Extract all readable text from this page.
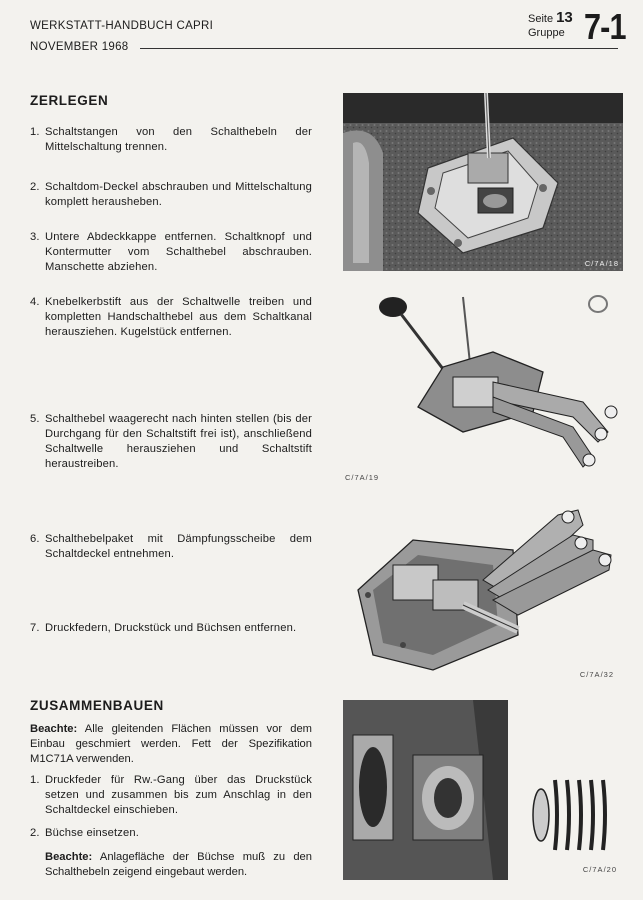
WERKSTATT-HANDBUCH CAPRI
NOVEMBER 1968
Seite 13
Gruppe 7-1
ZERLEGEN
1. Schaltstangen von den Schalthebeln der Mittelschaltung trennen.
2. Schaltdom-Deckel abschrauben und Mittelschaltung komplett herausheben.
3. Untere Abdeckkappe entfernen. Schaltknopf und Kontermutter vom Schalthebel abschrauben. Manschette abziehen.
4. Knebelkerbstift aus der Schaltwelle treiben und kompletten Handschalthebel aus dem Schaltkanal herausziehen. Kugelstück entfernen.
5. Schalthebel waagerecht nach hinten stellen (bis der Durchgang für den Schaltstift frei ist), anschließend Schaltwelle herausziehen und Schaltstift heraustreiben.
6. Schalthebelpaket mit Dämpfungsscheibe dem Schaltdeckel entnehmen.
7. Druckfedern, Druckstück und Büchsen entfernen.
ZUSAMMENBAUEN
Beachte: Alle gleitenden Flächen müssen vor dem Einbau geschmiert werden. Fett der Spezifikation M1C71A verwenden.
1. Druckfeder für Rw.-Gang über das Druckstück setzen und zusammen bis zum Anschlag in den Schaltdeckel einschieben.
2. Büchse einsetzen.
Beachte: Anlagefläche der Büchse muß zu den Schalthebeln zeigend eingebaut werden.
C/7A/18
C/7A/19
C/7A/32
C/7A/20
